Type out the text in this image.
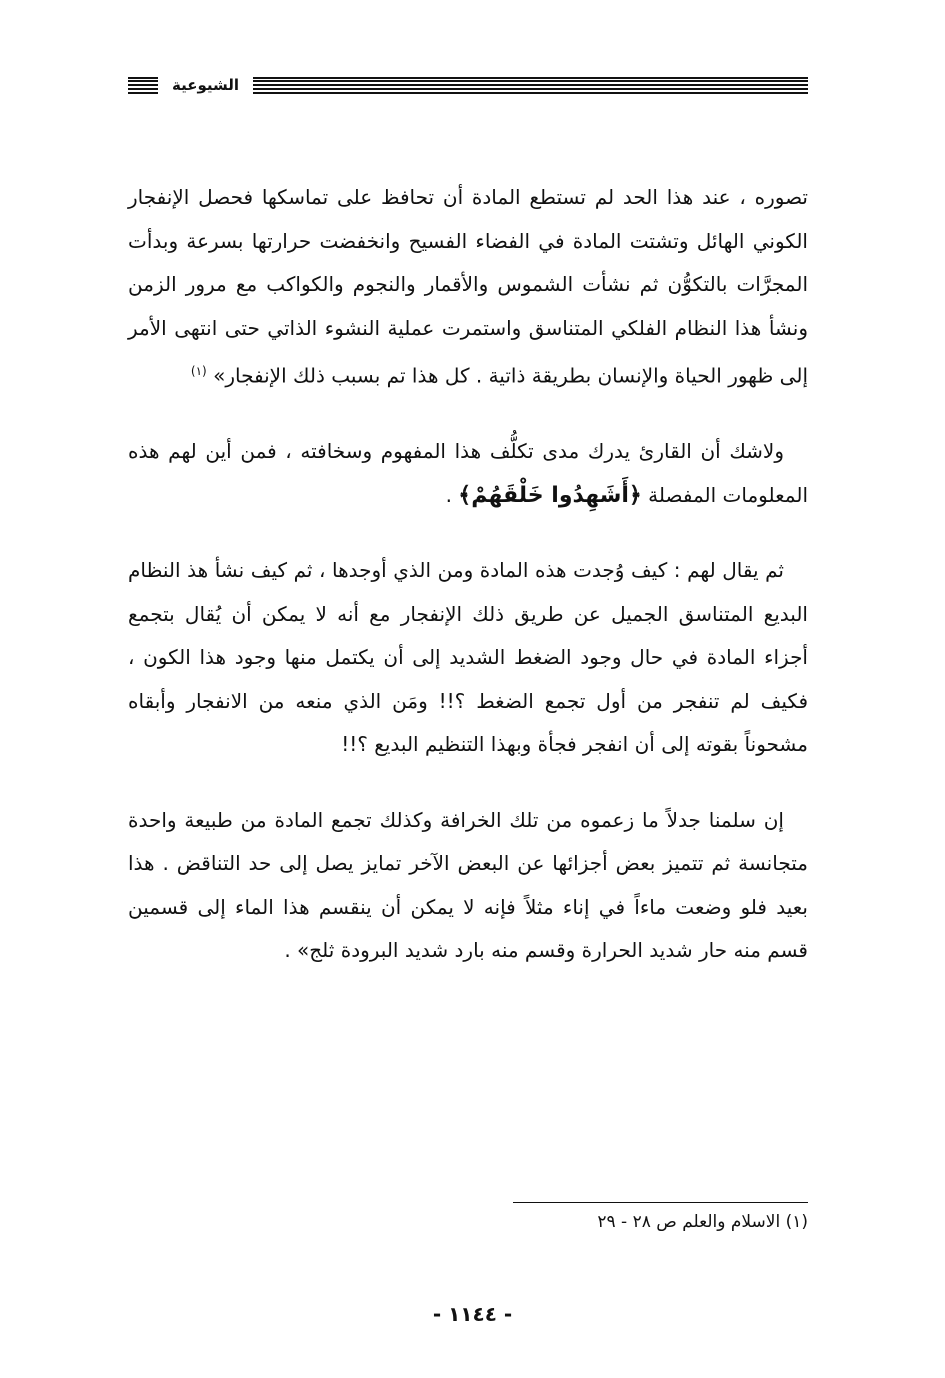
الشيوعية

تصوره ، عند هذا الحد لم تستطع المادة أن تحافظ على تماسكها فحصل الإنفجار الكوني الهائل وتشتت المادة في الفضاء الفسيح وانخفضت حرارتها بسرعة وبدأت المجرَّات بالتكوُّن ثم نشأت الشموس والأقمار والنجوم والكواكب مع مرور الزمن ونشأ هذا النظام الفلكي المتناسق واستمرت عملية النشوء الذاتي حتى انتهى الأمر إلى ظهور الحياة والإنسان بطريقة ذاتية . كل هذا تم بسبب ذلك الإنفجار» $^{(١)}$

ولاشك أن القارئ يدرك مدى تكلُّف هذا المفهوم وسخافته ، فمن أين لهم هذه المعلومات المفصلة ﴿أَشَهِدُوا خَلْقَهُمْ﴾ .

ثم يقال لهم : كيف وُجدت هذه المادة ومن الذي أوجدها ، ثم كيف نشأ هذ النظام البديع المتناسق الجميل عن طريق ذلك الإنفجار مع أنه لا يمكن أن يُقال بتجمع أجزاء المادة في حال وجود الضغط الشديد إلى أن يكتمل منها وجود هذا الكون ، فكيف لم تنفجر من أول تجمع الضغط ؟!! ومَن الذي منعه من الانفجار وأبقاه مشحوناً بقوته إلى أن انفجر فجأة وبهذا التنظيم البديع ؟!!

إن سلمنا جدلاً ما زعموه من تلك الخرافة وكذلك تجمع المادة من طبيعة واحدة متجانسة ثم تتميز بعض أجزائها عن البعض الآخر تمايز يصل إلى حد التناقض . هذا بعيد فلو وضعت ماءاً في إناء مثلاً فإنه لا يمكن أن ينقسم هذا الماء إلى قسمين قسم منه حار شديد الحرارة وقسم منه بارد شديد البرودة ثلج» .

(١) الاسلام والعلم ص ٢٨ - ٢٩
- ١١٤٤ -
